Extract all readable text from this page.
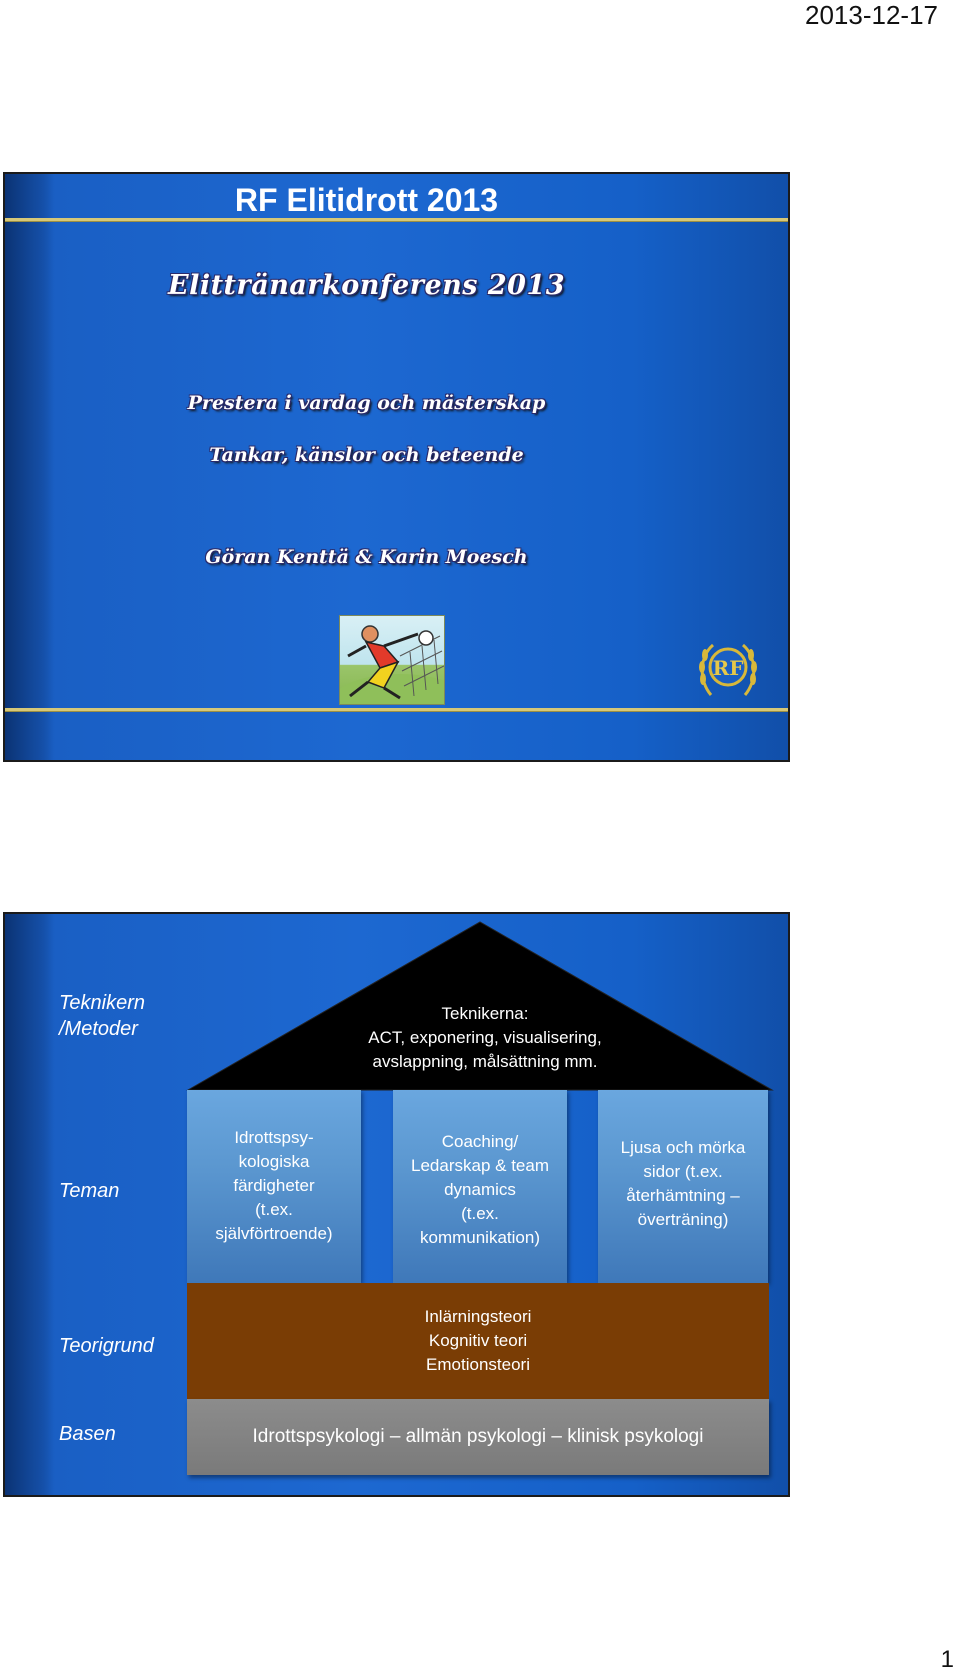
2013-12-17
RF Elitidrott 2013
Elittränarkonferens 2013
Prestera i vardag och mästerskap
Tankar, känslor och beteende
Göran Kenttä & Karin Moesch
RF
Teknikern
/Metoder
Teman
Teorigrund
Basen
Teknikerna:
ACT, exponering, visualisering,
avslappning, målsättning mm.
Idrottspsy-
kologiska
färdigheter
(t.ex.
självförtroende)
Coaching/
Ledarskap & team
dynamics
(t.ex.
kommunikation)
Ljusa och mörka
sidor (t.ex.
återhämtning –
överträning)
Inlärningsteori
Kognitiv teori
Emotionsteori
Idrottspsykologi – allmän psykologi – klinisk psykologi
1
